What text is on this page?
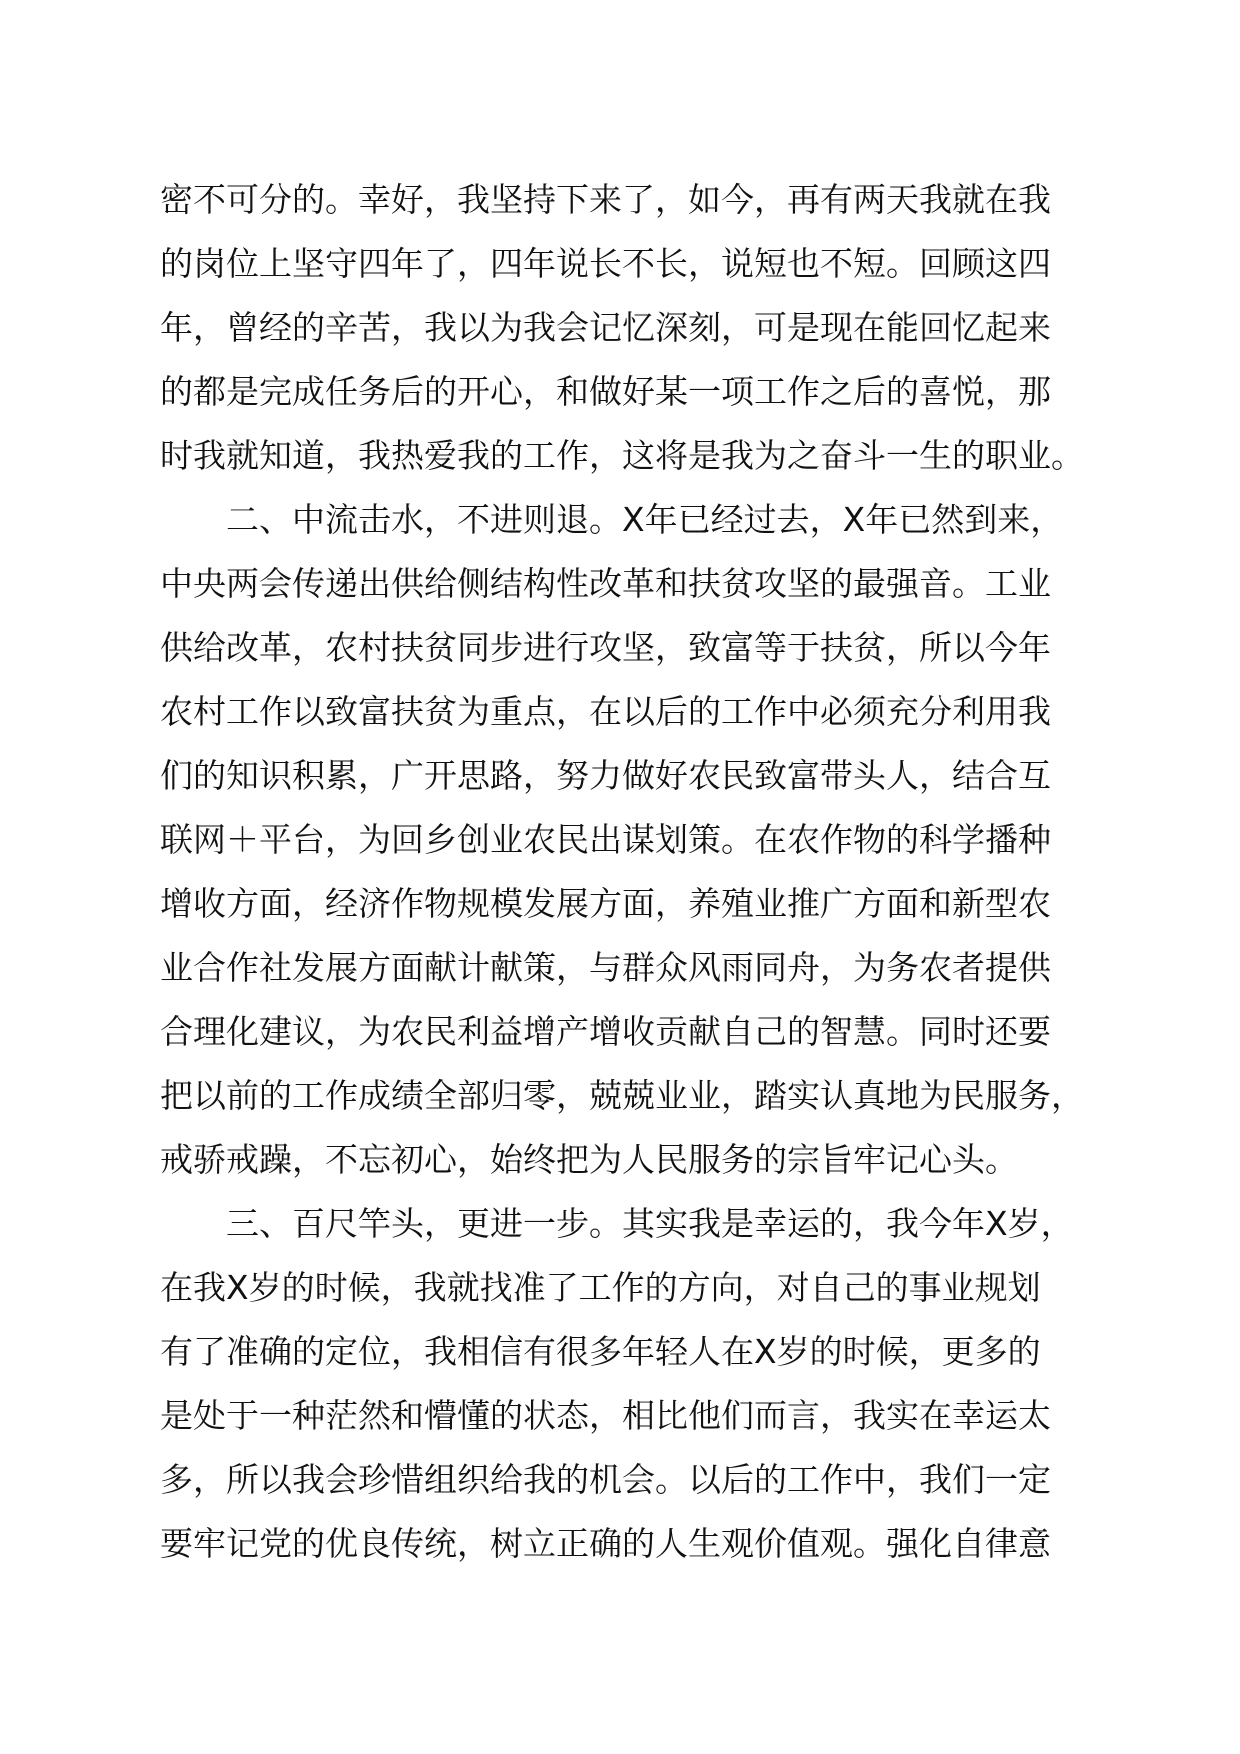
密不可分的。幸好，我坚持下来了，如今，再有两天我就在我
的岗位上坚守四年了，四年说长不长，说短也不短。回顾这四
年，曾经的辛苦，我以为我会记忆深刻，可是现在能回忆起来
的都是完成任务后的开心，和做好某一项工作之后的喜悦，那
时我就知道，我热爱我的工作，这将是我为之奋斗一生的职业。
　　二、中流击水，不进则退。X年已经过去，X年已然到来，
中央两会传递出供给侧结构性改革和扶贫攻坚的最强音。工业
供给改革，农村扶贫同步进行攻坚，致富等于扶贫，所以今年
农村工作以致富扶贫为重点，在以后的工作中必须充分利用我
们的知识积累，广开思路，努力做好农民致富带头人，结合互
联网＋平台，为回乡创业农民出谋划策。在农作物的科学播种
增收方面，经济作物规模发展方面，养殖业推广方面和新型农
业合作社发展方面献计献策，与群众风雨同舟，为务农者提供
合理化建议，为农民利益增产增收贡献自己的智慧。同时还要
把以前的工作成绩全部归零，兢兢业业，踏实认真地为民服务，
戒骄戒躁，不忘初心，始终把为人民服务的宗旨牢记心头。
　　三、百尺竿头，更进一步。其实我是幸运的，我今年X岁，
在我X岁的时候，我就找准了工作的方向，对自己的事业规划
有了准确的定位，我相信有很多年轻人在X岁的时候，更多的
是处于一种茫然和懵懂的状态，相比他们而言，我实在幸运太
多，所以我会珍惜组织给我的机会。以后的工作中，我们一定
要牢记党的优良传统，树立正确的人生观价值观。强化自律意
